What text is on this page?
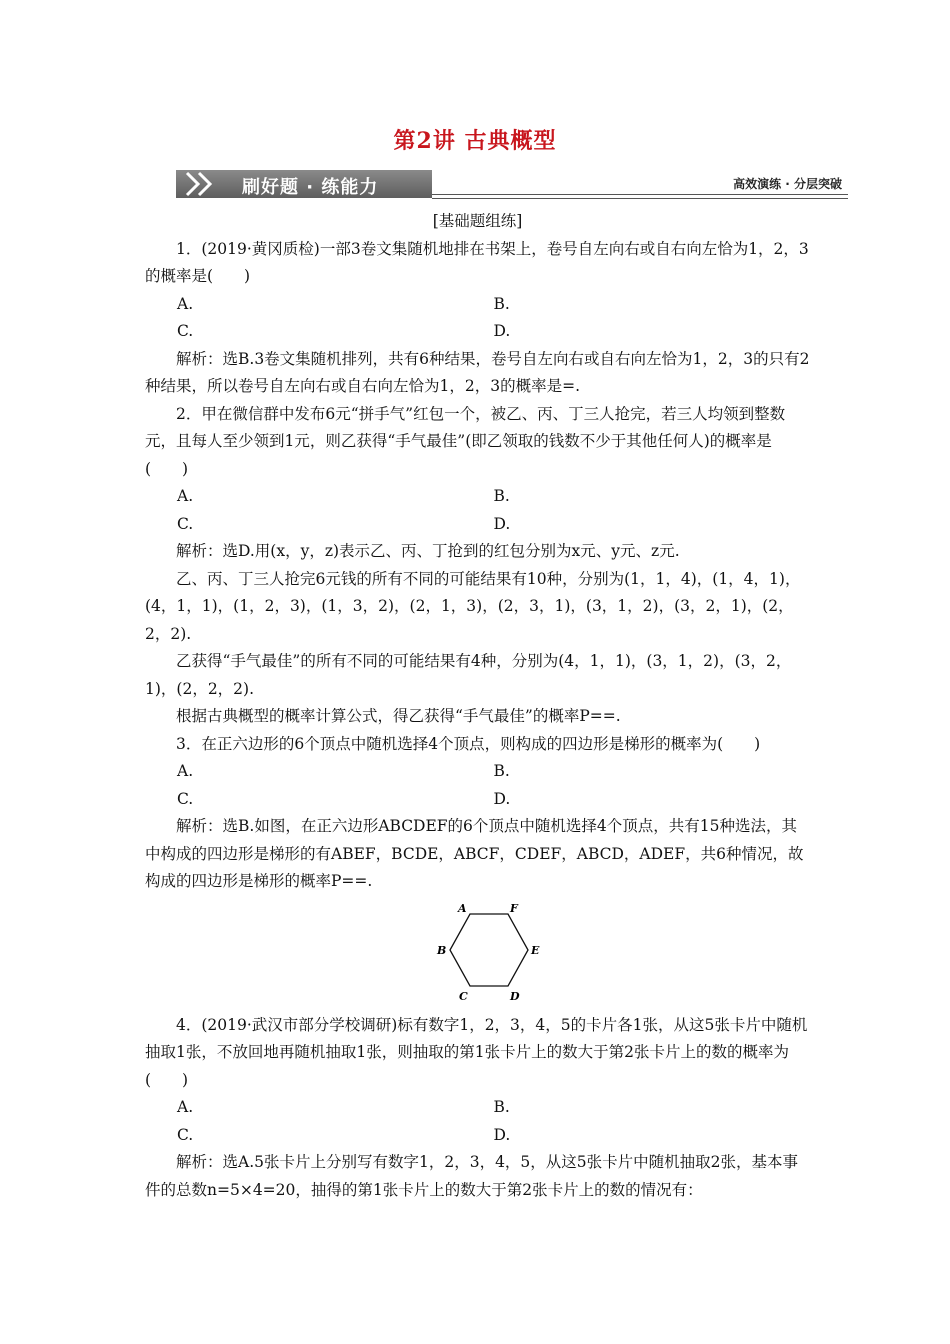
第2讲 古典概型
刷好题 · 练能力	高效演练 · 分层突破

[基础题组练]

1．(2019·黄冈质检)一部3卷文集随机地排在书架上，卷号自左向右或自右向左恰为1，2，3的概率是(　　)

A.	B.
C.	D.

解析：选B.3卷文集随机排列，共有6种结果，卷号自左向右或自右向左恰为1，2，3的只有2种结果，所以卷号自左向右或自右向左恰为1，2，3的概率是=.

2．甲在微信群中发布6元“拼手气”红包一个，被乙、丙、丁三人抢完，若三人均领到整数元，且每人至少领到1元，则乙获得“手气最佳”(即乙领取的钱数不少于其他任何人)的概率是(　　)

A.	B.
C.	D.

解析：选D.用(x，y，z)表示乙、丙、丁抢到的红包分别为x元、y元、z元.

乙、丙、丁三人抢完6元钱的所有不同的可能结果有10种，分别为(1，1，4)，(1，4，1)，(4，1，1)，(1，2，3)，(1，3，2)，(2，1，3)，(2，3，1)，(3，1，2)，(3，2，1)，(2，2，2).

乙获得“手气最佳”的所有不同的可能结果有4种，分别为(4，1，1)，(3，1，2)，(3，2，1)，(2，2，2).

根据古典概型的概率计算公式，得乙获得“手气最佳”的概率P==.

3．在正六边形的6个顶点中随机选择4个顶点，则构成的四边形是梯形的概率为(　　)

A.	B.
C.	D.

解析：选B.如图，在正六边形ABCDEF的6个顶点中随机选择4个顶点，共有15种选法，其中构成的四边形是梯形的有ABEF，BCDE，ABCF，CDEF，ABCD，ADEF，共6种情况，故构成的四边形是梯形的概率P==.

A	F
B	E
C	D

4．(2019·武汉市部分学校调研)标有数字1，2，3，4，5的卡片各1张，从这5张卡片中随机抽取1张，不放回地再随机抽取1张，则抽取的第1张卡片上的数大于第2张卡片上的数的概率为(　　)

A.	B.
C.	D.

解析：选A.5张卡片上分别写有数字1，2，3，4，5，从这5张卡片中随机抽取2张，基本事件的总数n=5×4=20，抽得的第1张卡片上的数大于第2张卡片上的数的情况有：
